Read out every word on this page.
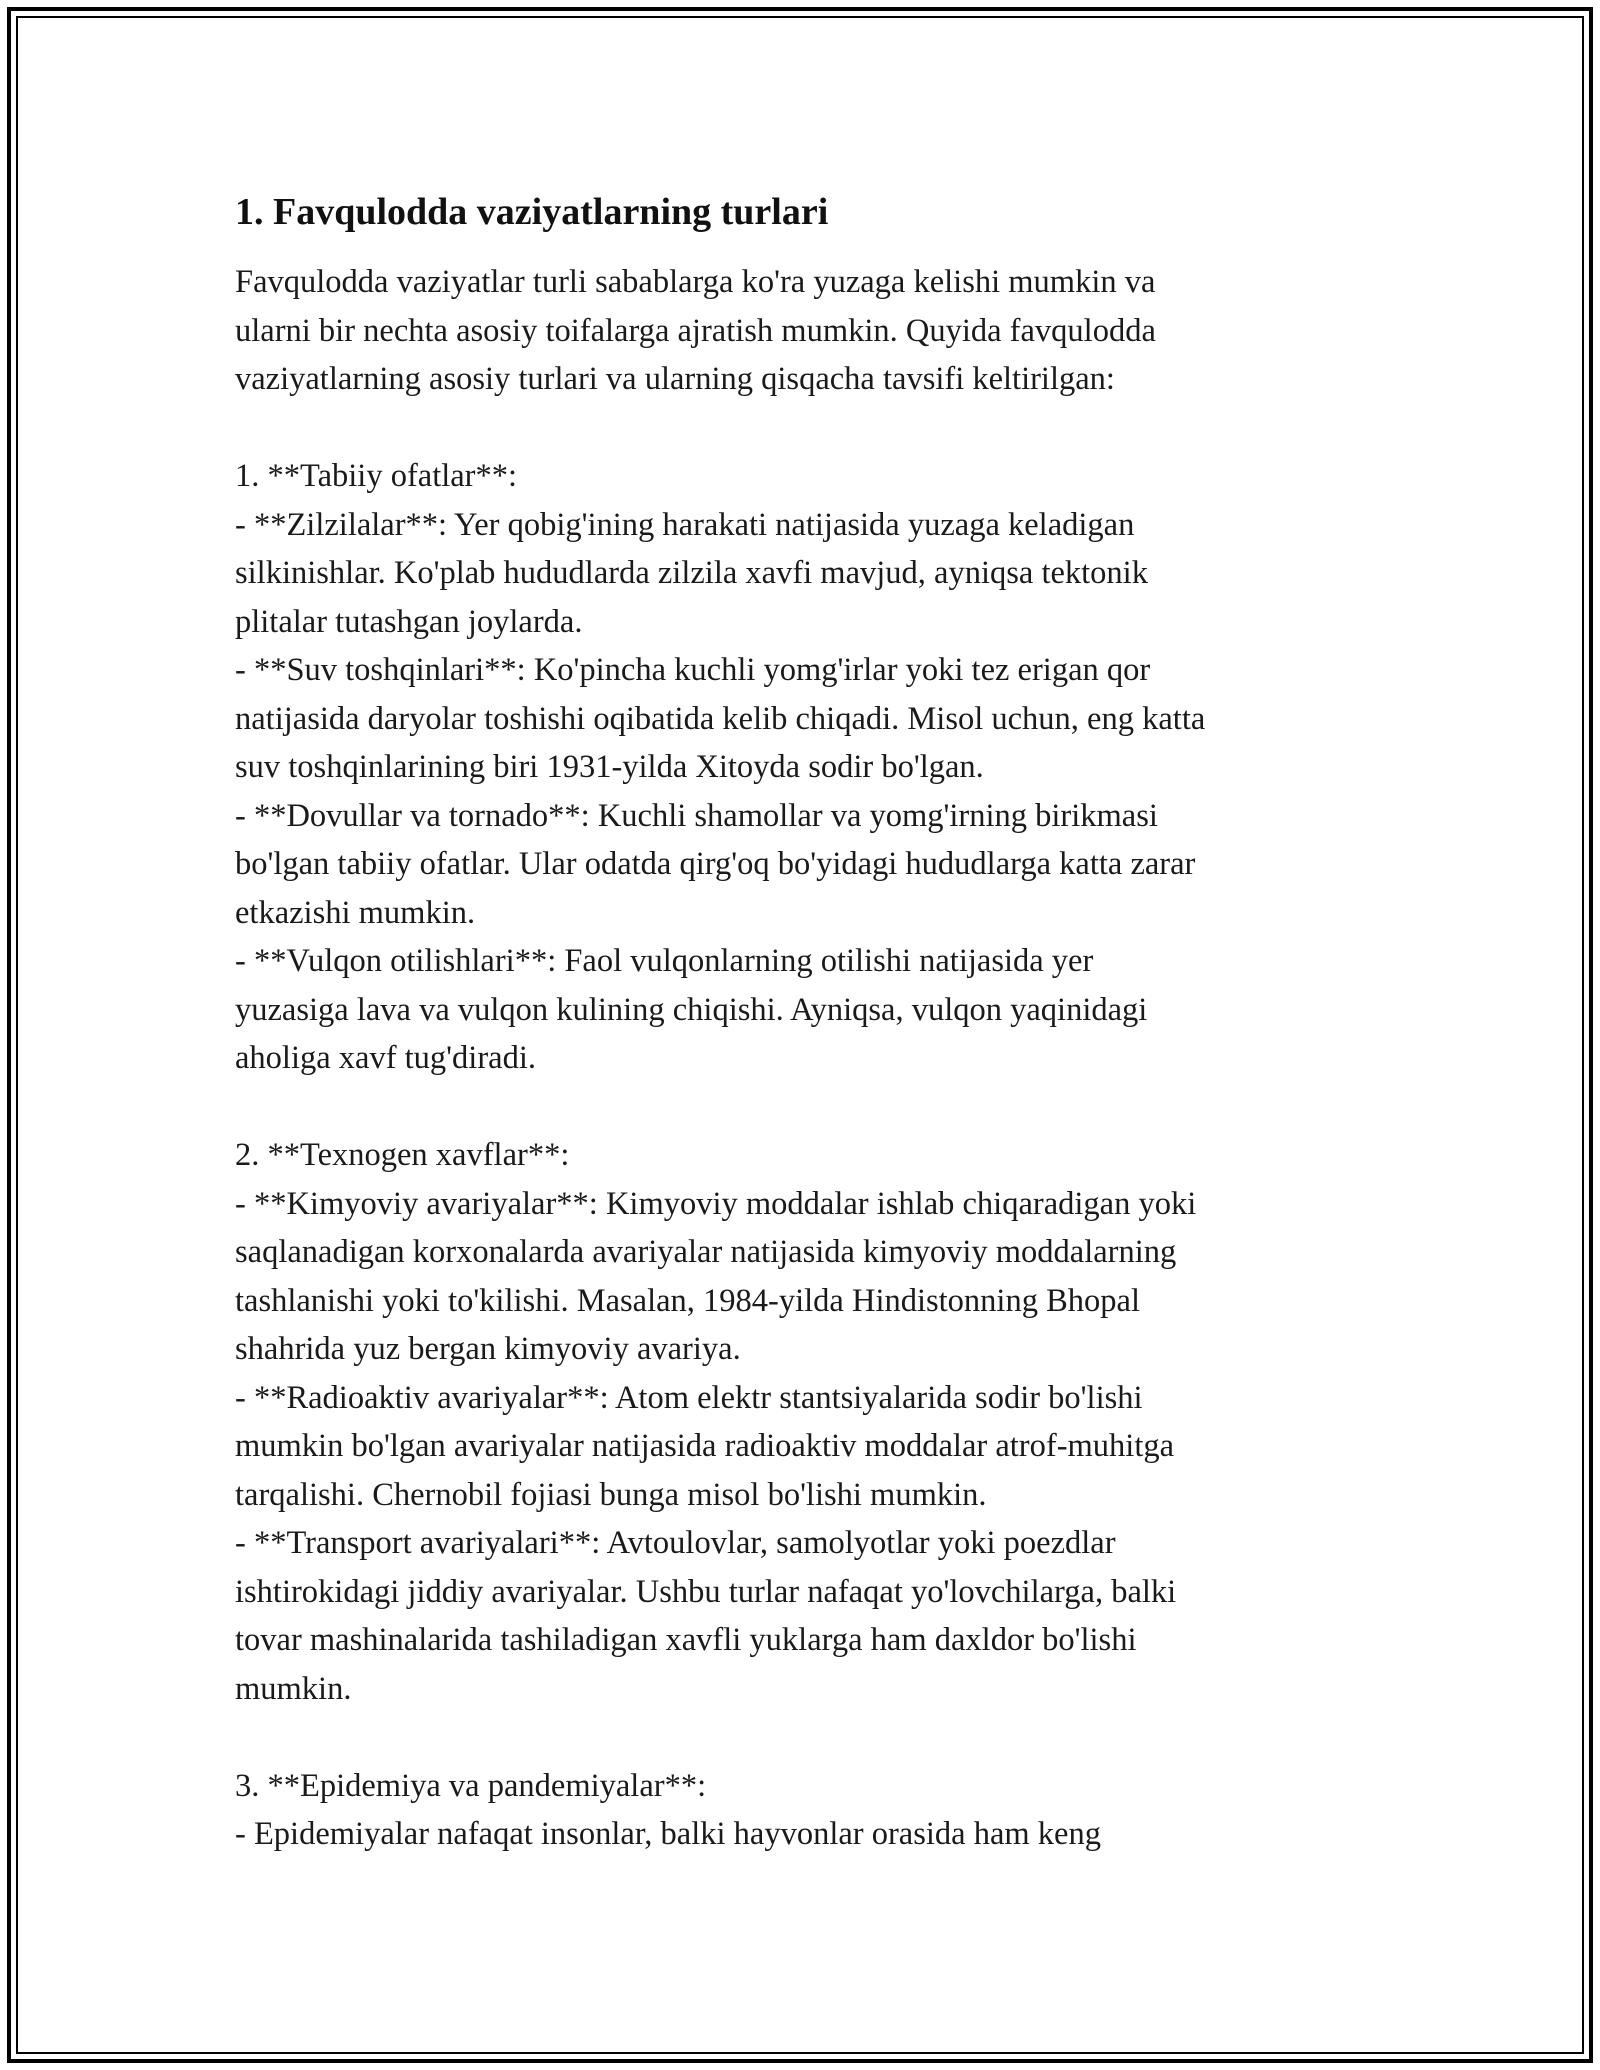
1. Favqulodda vaziyatlarning turlari

Favqulodda vaziyatlar turli sabablarga ko'ra yuzaga kelishi mumkin va
ularni bir nechta asosiy toifalarga ajratish mumkin. Quyida favqulodda
vaziyatlarning asosiy turlari va ularning qisqacha tavsifi keltirilgan:

1. **Tabiiy ofatlar**:

- **Zilzilalar**: Yer qobig'ining harakati natijasida yuzaga keladigan
silkinishlar. Ko'plab hududlarda zilzila xavfi mavjud, ayniqsa tektonik
plitalar tutashgan joylarda.

- **Suv toshqinlari**: Ko'pincha kuchli yomg'irlar yoki tez erigan qor
natijasida daryolar toshishi oqibatida kelib chiqadi. Misol uchun, eng katta
suv toshqinlarining biri 1931-yilda Xitoyda sodir bo'lgan.

- **Dovullar va tornado**: Kuchli shamollar va yomg'irning birikmasi
bo'lgan tabiiy ofatlar. Ular odatda qirg'oq bo'yidagi hududlarga katta zarar
etkazishi mumkin.

- **Vulqon otilishlari**: Faol vulqonlarning otilishi natijasida yer
yuzasiga lava va vulqon kulining chiqishi. Ayniqsa, vulqon yaqinidagi
aholiga xavf tug'diradi.

2. **Texnogen xavflar**:

- **Kimyoviy avariyalar**: Kimyoviy moddalar ishlab chiqaradigan yoki
saqlanadigan korxonalarda avariyalar natijasida kimyoviy moddalarning
tashlanishi yoki to'kilishi. Masalan, 1984-yilda Hindistonning Bhopal
shahrida yuz bergan kimyoviy avariya.

- **Radioaktiv avariyalar**: Atom elektr stantsiyalarida sodir bo'lishi
mumkin bo'lgan avariyalar natijasida radioaktiv moddalar atrof-muhitga
tarqalishi. Chernobil fojiasi bunga misol bo'lishi mumkin.

- **Transport avariyalari**: Avtoulovlar, samolyotlar yoki poezdlar
ishtirokidagi jiddiy avariyalar. Ushbu turlar nafaqat yo'lovchilarga, balki
tovar mashinalarida tashiladigan xavfli yuklarga ham daxldor bo'lishi
mumkin.

3. **Epidemiya va pandemiyalar**:

- Epidemiyalar nafaqat insonlar, balki hayvonlar orasida ham keng
